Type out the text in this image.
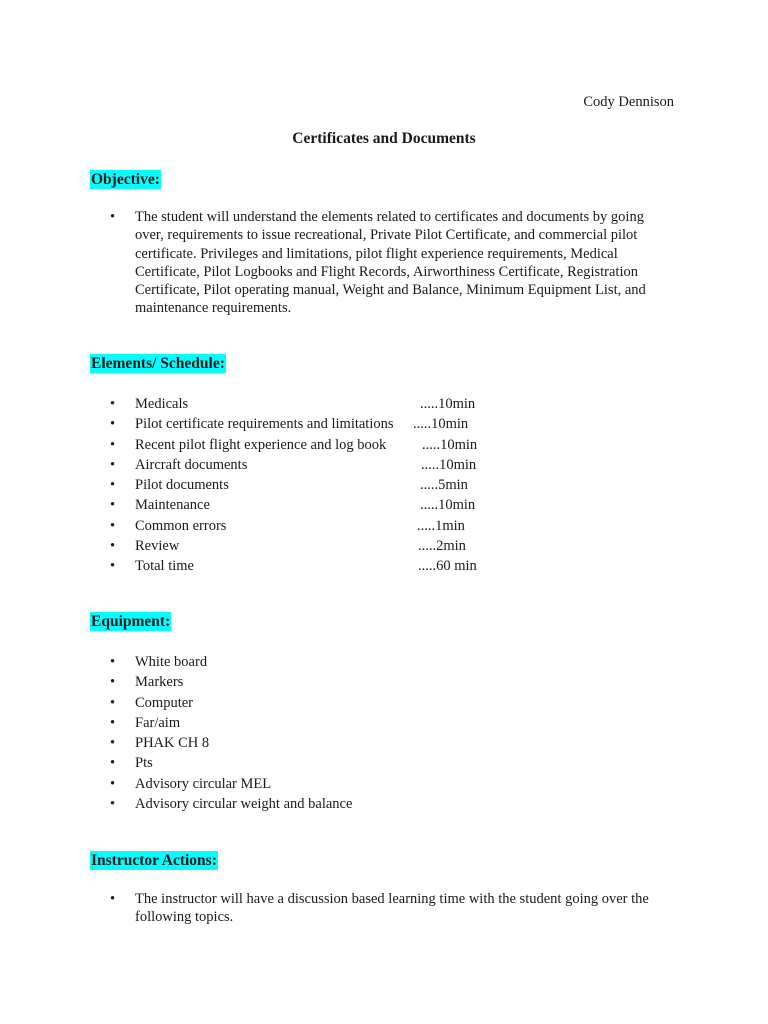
Cody Dennison
Certificates and Documents
Objective:
• The student will understand the elements related to certificates and documents by going over, requirements to issue recreational, Private Pilot Certificate, and commercial pilot certificate. Privileges and limitations, pilot flight experience requirements, Medical Certificate, Pilot Logbooks and Flight Records, Airworthiness Certificate, Registration Certificate, Pilot operating manual, Weight and Balance, Minimum Equipment List, and maintenance requirements.
Elements/ Schedule:
• Medicals	.....10min
• Pilot certificate requirements and limitations .....10min
• Recent pilot flight experience and log book .....10min
• Aircraft documents	.....10min
• Pilot documents	.....5min
• Maintenance	.....10min
• Common errors	.....1min
• Review	.....2min
• Total time	.....60 min
Equipment:
• White board
• Markers
• Computer
• Far/aim
• PHAK CH 8
• Pts
• Advisory circular MEL
• Advisory circular weight and balance
Instructor Actions:
• The instructor will have a discussion based learning time with the student going over the following topics.
